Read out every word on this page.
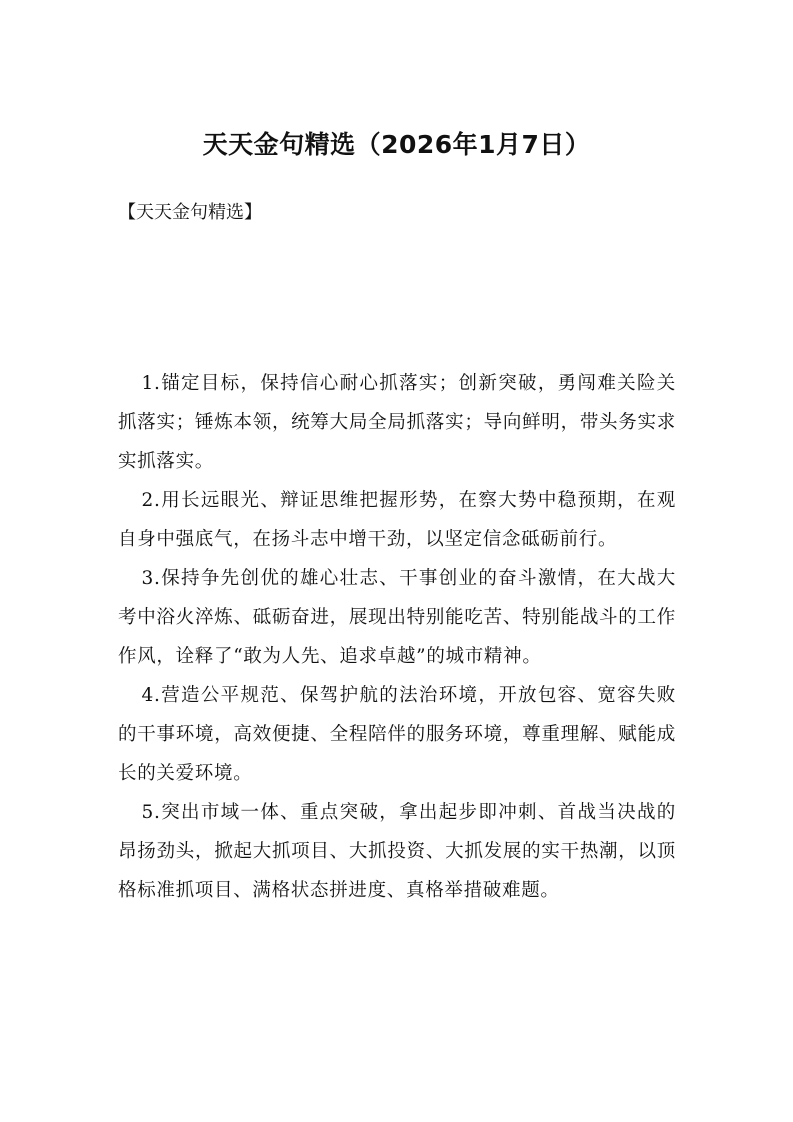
天天金句精选（2026年1月7日）

【天天金句精选】

1.锚定目标，保持信心耐心抓落实；创新突破，勇闯难关险关抓落实；锤炼本领，统筹大局全局抓落实；导向鲜明，带头务实求实抓落实。

2.用长远眼光、辩证思维把握形势，在察大势中稳预期，在观自身中强底气，在扬斗志中增干劲，以坚定信念砥砺前行。

3.保持争先创优的雄心壮志、干事创业的奋斗激情，在大战大考中浴火淬炼、砥砺奋进，展现出特别能吃苦、特别能战斗的工作作风，诠释了“敢为人先、追求卓越”的城市精神。

4.营造公平规范、保驾护航的法治环境，开放包容、宽容失败的干事环境，高效便捷、全程陪伴的服务环境，尊重理解、赋能成长的关爱环境。

5.突出市域一体、重点突破，拿出起步即冲刺、首战当决战的昂扬劲头，掀起大抓项目、大抓投资、大抓发展的实干热潮，以顶格标准抓项目、满格状态拼进度、真格举措破难题。
